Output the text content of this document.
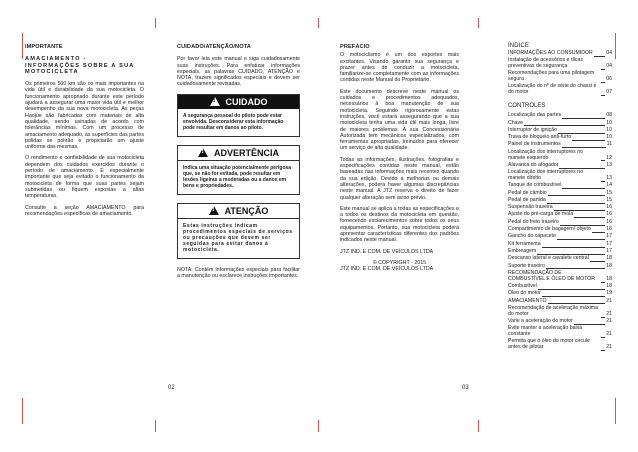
IMPORTANTE
AMACIAMENTO - INFORMAÇÕES SOBRE A SUA MOTOCICLETA

Os primeiros 500 km são os mais importantes na vida útil e durabilidade da sua motocicleta. O funcionamento apropriado durante este período ajudará a assegurar uma maior vida útil e melhor desempenho da sua nova motocicleta. As peças Haojue são fabricadas com materiais de alta qualidade, sendo usinadas de acordo com tolerâncias mínimas. Com um processo de amaciamento adequado, as superfícies das partes polidas se polirão e propiciarão um ajuste uniforme das mesmas.

O rendimento e confiabilidade de sua motocicleta dependem dos cuidados exercidos durante o período de amaciamento. É especialmente importante que seja evitado o funcionamento da motocicleta de forma que suas partes sejam submetidas ou fiquem expostas a altas temperaturas.

Consulte a seção AMACIAMENTO para recomendações específicas de amaciamento.

CUIDADO/ATENÇÃO/NOTA

Por favor leia este manual e siga cuidadosamente suas instruções. Para enfatizar informações especiais, as palavras CUIDADO, ATENÇÃO e NOTA, trazem significados especiais e devem ser cuidadosamente revisadas.

!
CUIDADO
A segurança pessoal do piloto pode estar envolvida. Desconsiderar esta informação pode resultar em danos ao piloto.
!
ADVERTÊNCIA
Indica uma situação potencialmente perigosa que, se não for evitada, pode resultar em lesões ligeiras a moderadas ou a danos em bens e propriedades.
!
ATENÇÃO
Estas instruções indicam procedimentos especiais de serviços ou precauções que devem ser seguidas para evitar danos à motocicleta.

NOTA: Contém informações especiais para facilitar a manutenção ou esclarece instruções importantes.

PREFÁCIO

O motociclismo é um dos esportes mais excitantes. Visando garantir sua segurança e prazer antes de conduzir a motocicleta, familiarize-se completamente com as informações contidas neste Manual do Proprietário.

Este documento descreve neste manual os cuidados e procedimentos adequados, necessários à boa manutenção de sua motocicleta. Seguindo rigorosamente estas instruções, você estará assegurando que a sua motocicleta tenha uma vida útil mais longa, livre de maiores problemas. A sua Concessionária Autorizada tem mecânicos especializados, com ferramentas apropriadas, treinados para oferecer um serviço de alta qualidade.

Todas as informações, ilustrações, fotografias e especificações contidas neste manual, estão baseadas nas informações mais recentes quando da sua edição. Devido a melhorias ou demais alterações, poderá haver algumas discrepâncias neste manual. A JTZ reserva o direito de fazer qualquer alteração sem aviso prévio.

Este manual se aplica a todas as especificações e a todos os destinos da motocicleta em questão, fornecendo esclarecimentos sobre todos os seus equipamentos. Portanto, sua motocicleta poderá apresentar características diferentes dos padrões indicados neste manual.

JTZ IND. E COM. DE VEÍCULOS LTDA

© COPYRIGHT - 2015
JTZ IND. E COM. DE VEÍCULOS LTDA
ÍNDICE
INFORMAÇÕES AO CONSUMIDOR	04
Instalação de acessórios e dicas preventivas de segurança	04
Recomendações para uma pilotagem segura	06
Localização do nº de série do chassi e do motor	07
CONTROLES
Localização das partes	08
Chave	10
Interruptor de ignição	10
Trava de bloqueio anti-furto	10
Painel de instrumentos	11
Localização dos interruptores no manete esquerdo	12
Alavanca do afogador	13
Localização dos interruptores no manete direito	13
Tanque de combustível	14
Pedal de câmbio	15
Pedal de partida	15
Suspensão traseira	16
Ajuste do pré-carga de mola	16
Pedal do freio traseiro	16
Compartimento de bagagem/ objeto	16
Gancho do capacete	17
Kit ferramenta	17
Embreagem	17
Descanso lateral e cavalete central	18
Suporte traseiro	18
RECOMENDAÇÃO DE COMBUSTÍVEL E ÓLEO DE MOTOR	18
Combustível	18
Óleo do motor	19
AMACIAMENTO	21
Recomendação de aceleração máxima do motor	21
Varie a aceleração do motor	21
Evite manter a aceleração baixa constante	21
Permita que o óleo do motor circule antes de pilotar	21
02	03
